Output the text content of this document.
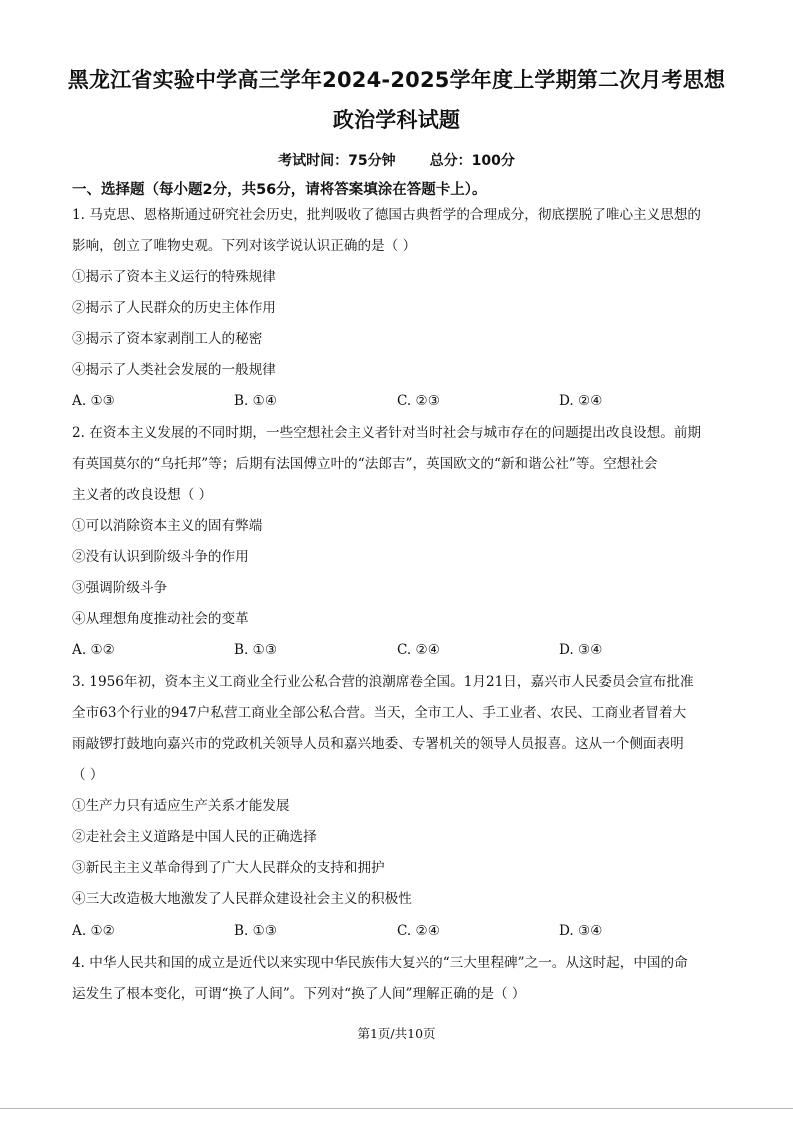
黑龙江省实验中学高三学年2024-2025学年度上学期第二次月考思想
政治学科试题
考试时间：75分钟 总分：100分
一、选择题（每小题2分，共56分，请将答案填涂在答题卡上）。
1. 马克思、恩格斯通过研究社会历史，批判吸收了德国古典哲学的合理成分，彻底摆脱了唯心主义思想的
影响，创立了唯物史观。下列对该学说认识正确的是（ ）
①揭示了资本主义运行的特殊规律
②揭示了人民群众的历史主体作用
③揭示了资本家剥削工人的秘密
④揭示了人类社会发展的一般规律
A. ①③	B. ①④	C. ②③	D. ②④
2. 在资本主义发展的不同时期，一些空想社会主义者针对当时社会与城市存在的问题提出改良设想。前期
有英国莫尔的“乌托邦”等；后期有法国傅立叶的“法郎吉”，英国欧文的“新和谐公社”等。空想社会
主义者的改良设想（ ）
①可以消除资本主义的固有弊端
②没有认识到阶级斗争的作用
③强调阶级斗争
④从理想角度推动社会的变革
A. ①②	B. ①③	C. ②④	D. ③④
3. 1956年初，资本主义工商业全行业公私合营的浪潮席卷全国。1月21日，嘉兴市人民委员会宣布批准
全市63个行业的947户私营工商业全部公私合营。当天，全市工人、手工业者、农民、工商业者冒着大
雨敲锣打鼓地向嘉兴市的党政机关领导人员和嘉兴地委、专署机关的领导人员报喜。这从一个侧面表明
（ ）
①生产力只有适应生产关系才能发展
②走社会主义道路是中国人民的正确选择
③新民主主义革命得到了广大人民群众的支持和拥护
④三大改造极大地激发了人民群众建设社会主义的积极性
A. ①②	B. ①③	C. ②④	D. ③④
4. 中华人民共和国的成立是近代以来实现中华民族伟大复兴的“三大里程碑”之一。从这时起，中国的命
运发生了根本变化，可谓“换了人间”。下列对“换了人间”理解正确的是（ ）
第1页/共10页
